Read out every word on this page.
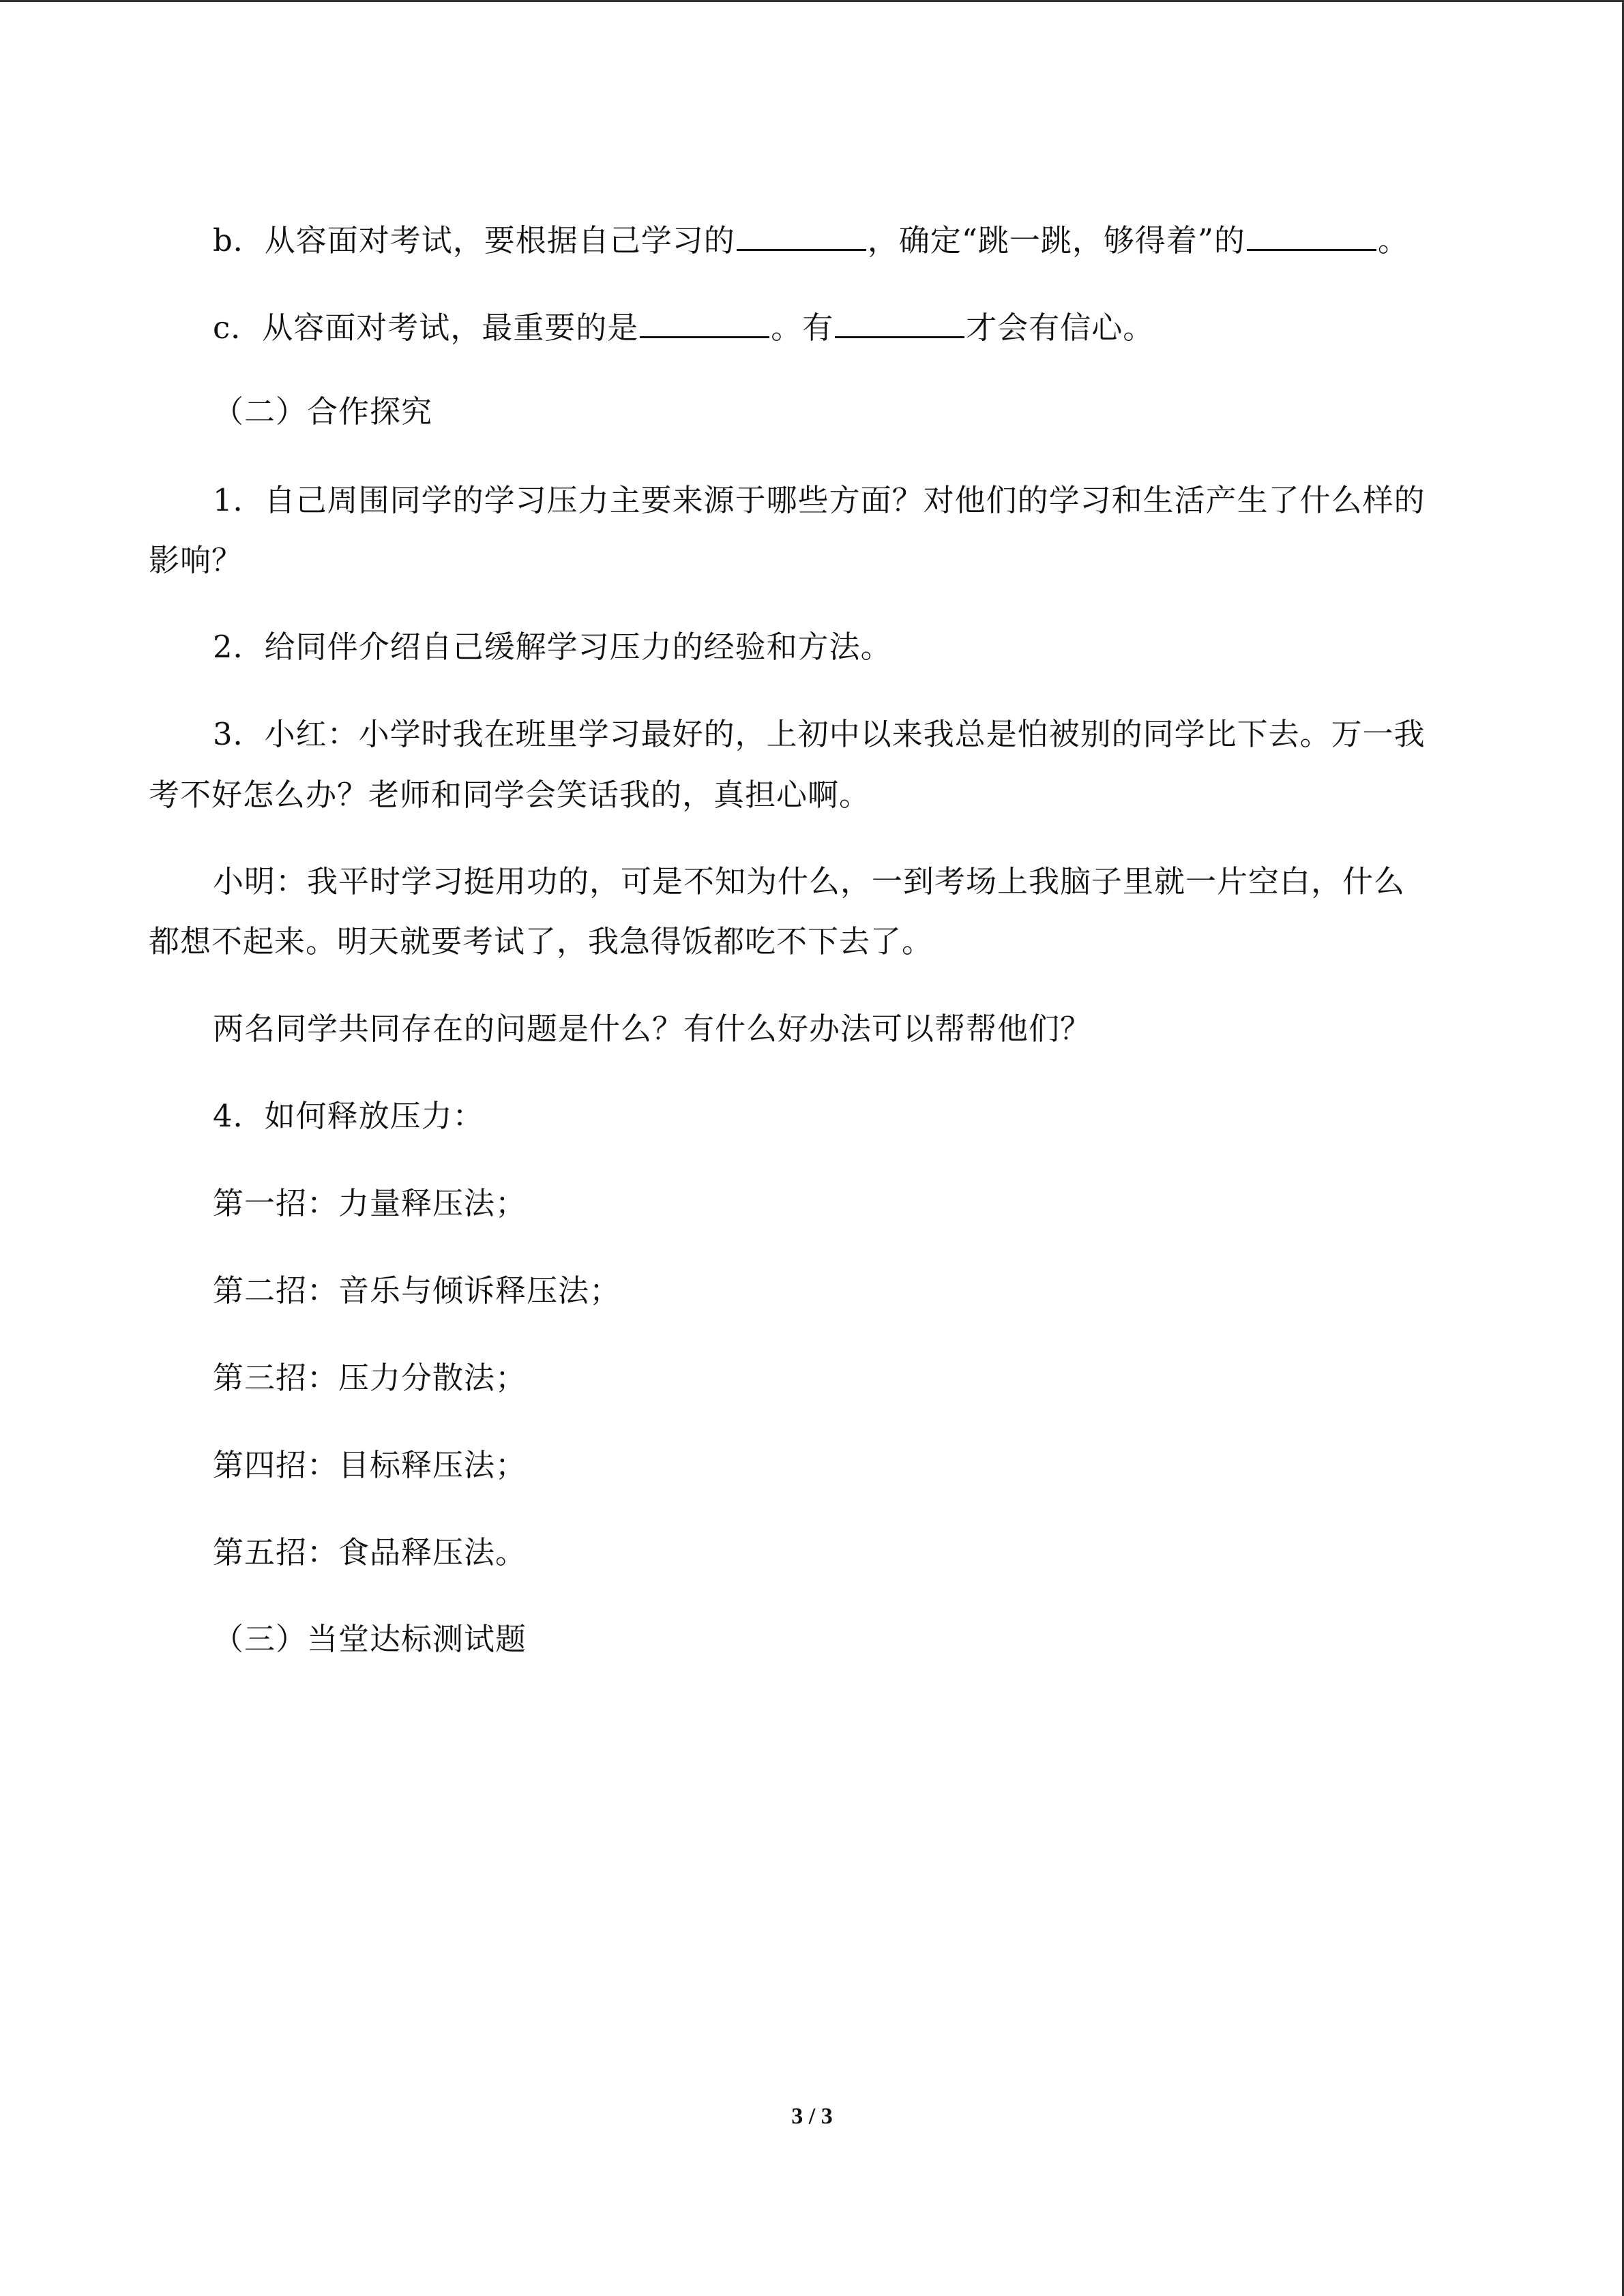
b．从容面对考试，要根据自己学习的	，确定“跳一跳，够得着”的	。
c．从容面对考试，最重要的是	。有	才会有信心。
（二）合作探究
1．自己周围同学的学习压力主要来源于哪些方面？对他们的学习和生活产生了什么样的
影响？
2．给同伴介绍自己缓解学习压力的经验和方法。
3．小红：小学时我在班里学习最好的，上初中以来我总是怕被别的同学比下去。万一我
考不好怎么办？老师和同学会笑话我的，真担心啊。
小明：我平时学习挺用功的，可是不知为什么，一到考场上我脑子里就一片空白，什么
都想不起来。明天就要考试了，我急得饭都吃不下去了。
两名同学共同存在的问题是什么？有什么好办法可以帮帮他们？
4．如何释放压力：
第一招：力量释压法；
第二招：音乐与倾诉释压法；
第三招：压力分散法；
第四招：目标释压法；
第五招：食品释压法。
（三）当堂达标测试题
3 / 3
